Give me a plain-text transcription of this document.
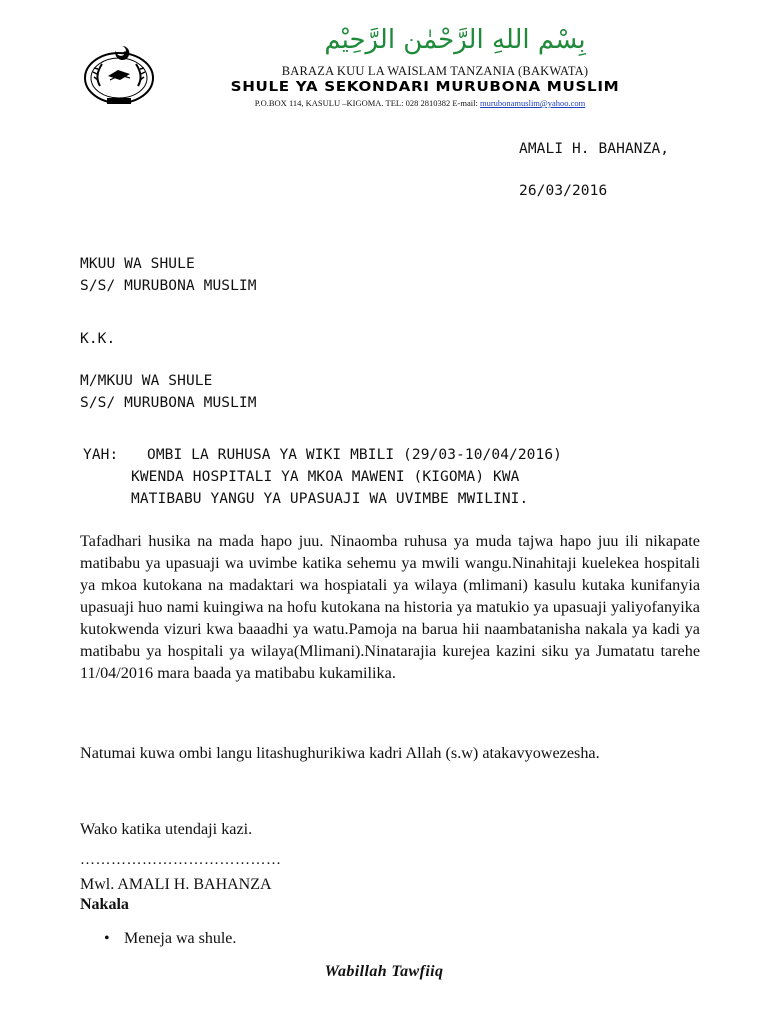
بِسْمِ اللهِ الرَّحْمٰنِ الرَّحِيْمِ
BARAZA KUU LA WAISLAM TANZANIA (BAKWATA)
SHULE YA SEKONDARI MURUBONA MUSLIM
P.O.BOX 114, KASULU –KIGOMA. TEL: 028 2810382 E-mail: murubonamuslim@yahoo.com
AMALI H. BAHANZA,
26/03/2016
MKUU WA SHULE
S/S/ MURUBONA MUSLIM
K.K.
M/MKUU WA SHULE
S/S/ MURUBONA MUSLIM
YAH: OMBI LA RUHUSA YA WIKI MBILI (29/03-10/04/2016)
KWENDA HOSPITALI YA MKOA MAWENI (KIGOMA) KWA
MATIBABU YANGU YA UPASUAJI WA UVIMBE MWILINI.
Tafadhari husika na mada hapo juu. Ninaomba ruhusa ya muda tajwa hapo juu ili nikapate matibabu ya upasuaji wa uvimbe katika sehemu ya mwili wangu.Ninahitaji kuelekea hospitali ya mkoa kutokana na madaktari wa hospiatali ya wilaya (mlimani) kasulu kutaka kunifanyia upasuaji huo nami kuingiwa na hofu kutokana na historia ya matukio ya upasuaji yaliyofanyika kutokwenda vizuri kwa baaadhi ya watu.Pamoja na barua hii naambatanisha nakala ya kadi ya matibabu ya hospitali ya wilaya(Mlimani).Ninatarajia kurejea kazini siku ya Jumatatu tarehe 11/04/2016 mara baada ya matibabu kukamilika.
Natumai kuwa ombi langu litashughurikiwa kadri Allah (s.w) atakavyowezesha.
Wako katika utendaji kazi.
…………………………………
Mwl. AMALI H. BAHANZA
Nakala
• Meneja wa shule.
Wabillah Tawfiiq
